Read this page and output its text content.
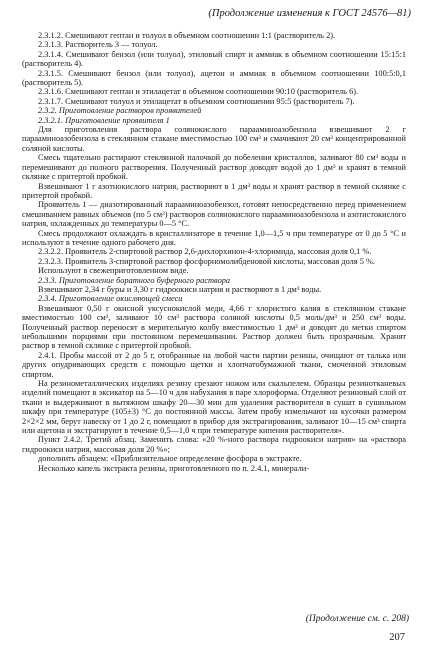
(Продолжение изменения к ГОСТ 24576—81)

2.3.1.2. Смешивают гептан и толуол в объемном соотношении 1:1 (растворитель 2).

2.3.1.3. Растворитель 3 — толуол.

2.3.1.4. Смешивают бензол (или толуол), этиловый спирт и аммиак в объемном соотношении 15:15:1 (растворитель 4).

2.3.1.5. Смешивают бензол (или толуол), ацетон и аммиак в объемном соотношении 100:5:0,1 (растворитель 5).

2.3.1.6. Смешивают гептан и этилацетат в объемном соотношении 90:10 (растворитель 6).

2.3.1.7. Смешивают толуол и этилацетат в объемном соотношении 95:5 (растворитель 7).

2.3.2. Приготовление растворов проявителей

2.3.2.1. Приготовление проявителя 1

Для приготовления раствора солянокислого парааминоазобензола взвешивают 2 г парааминоазобензола в стеклянном стакане вместимостью 100 см³ и смачивают 20 см³ концентрированной соляной кислоты.

Смесь тщательно растирают стеклянной палочкой до побеления кристаллов, заливают 80 см³ воды и перемешивают до полного растворения. Полученный раствор доводят водой до 1 дм³ и хранят в темной склянке с притертой пробкой.

Взвешивают 1 г азотнокислого натрия, растворяют в 1 дм³ воды и хранят раствор в темной склянке с притертой пробкой.

Проявитель 1 — диазотированный парааминоазобензол, готовят непосредственно перед применением смешиванием равных объемов (по 5 см³) растворов солянокислого парааминоазобензола и азотистокислого натрия, охлажденных до температуры 0—5 °С.

Смесь продолжают охлаждать в кристаллизаторе в течение 1,0—1,5 ч при температуре от 0 до 5 °С и используют в течение одного рабочего дня.

2.3.2.2. Проявитель 2-спиртовой раствор 2,6-дихлорхинон-4-хлоримида, массовая доля 0,1 %.

2.3.2.3. Проявитель 3-спиртовой раствор фосфорномолибденовой кислоты, массовая доля 5 %.

Используют в свежеприготовленном виде.

2.3.3. Приготовление боратного буферного раствора

Взвешивают 2,34 г буры и 3,30 г гидроокиси натрия и растворяют в 1 дм³ воды.

2.3.4. Приготовление окисляющей смеси

Взвешивают 0,50 г окисной уксуснокислой меди, 4,66 г хлористого калия в стеклянном стакане вместимостью 100 см³, заливают 10 см³ раствора соляной кислоты 0,5 моль/дм³ и 250 см³ воды. Полученный раствор переносят в мерительную колбу вместимостью 1 дм³ и доводят до метки спиртом небольшими порциями при постоянном перемешивании. Раствор должен быть прозрачным. Хранят раствор в темной склянке с притертой пробкой.

2.4.1. Пробы массой от 2 до 5 г, отобранные на любой части партии резины, очищают от талька или других опудривающих средств с помощью щетки и хлопчатобумажной ткани, смоченной этиловым спиртом.

На резинометаллических изделиях резину срезают ножом или скальпелем. Образцы резинотканевых изделий помещают в эксикатор на 5—10 ч для набухания в паре хлороформа. Отделяют резиновый слой от ткани и выдерживают в вытяжном шкафу 20—30 мин для удаления растворителя в сушат в сушильном шкафу при температуре (105±3) °С до постоянной массы. Затем пробу измельчают на кусочки размером 2×2×2 мм, берут навеску от 1 до 2 г, помещают в прибор для экстрагирования, заливают 10—15 см³ спирта или ацетона и экстрагируют в течение 0,5—1,0 ч при температуре кипения растворителя».

Пункт 2.4.2. Третий абзац. Заменить слова: «20 %-ного раствора гидроокиси натрия» на «раствора гидроокиси натрия, массовая доля 20 %»;

дополнить абзацем: «Приблизительное определение фосфора в экстракте.

Несколько капель экстракта резины, приготовленного по п. 2.4.1, минерали-

(Продолжение см. с. 208)
207
